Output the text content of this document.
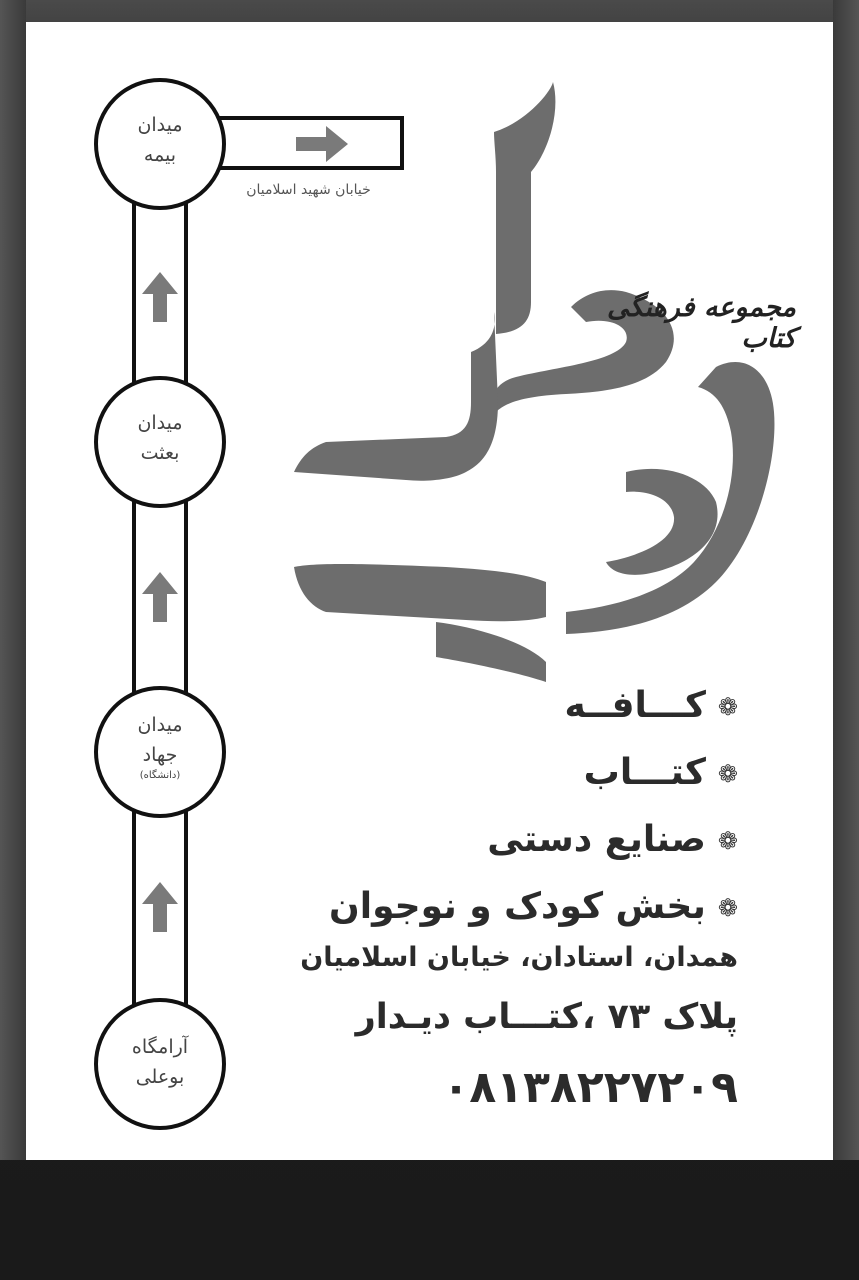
میدان
بیمه
میدان
بعثت
میدان
جهاد
(دانشگاه)
آرامگاه
بوعلی
خیابان شهید اسلامیان
مجموعه فرهنگی کتاب
❁کـــافــه
❁کتـــاب
❁صنایع دستی
❁بخش کودک و نوجوان
همدان، استادان، خیابان اسلامیان
پلاک ۷۳ ،کتـــاب دیـدار
۰۸۱۳۸۲۲۷۲۰۹
